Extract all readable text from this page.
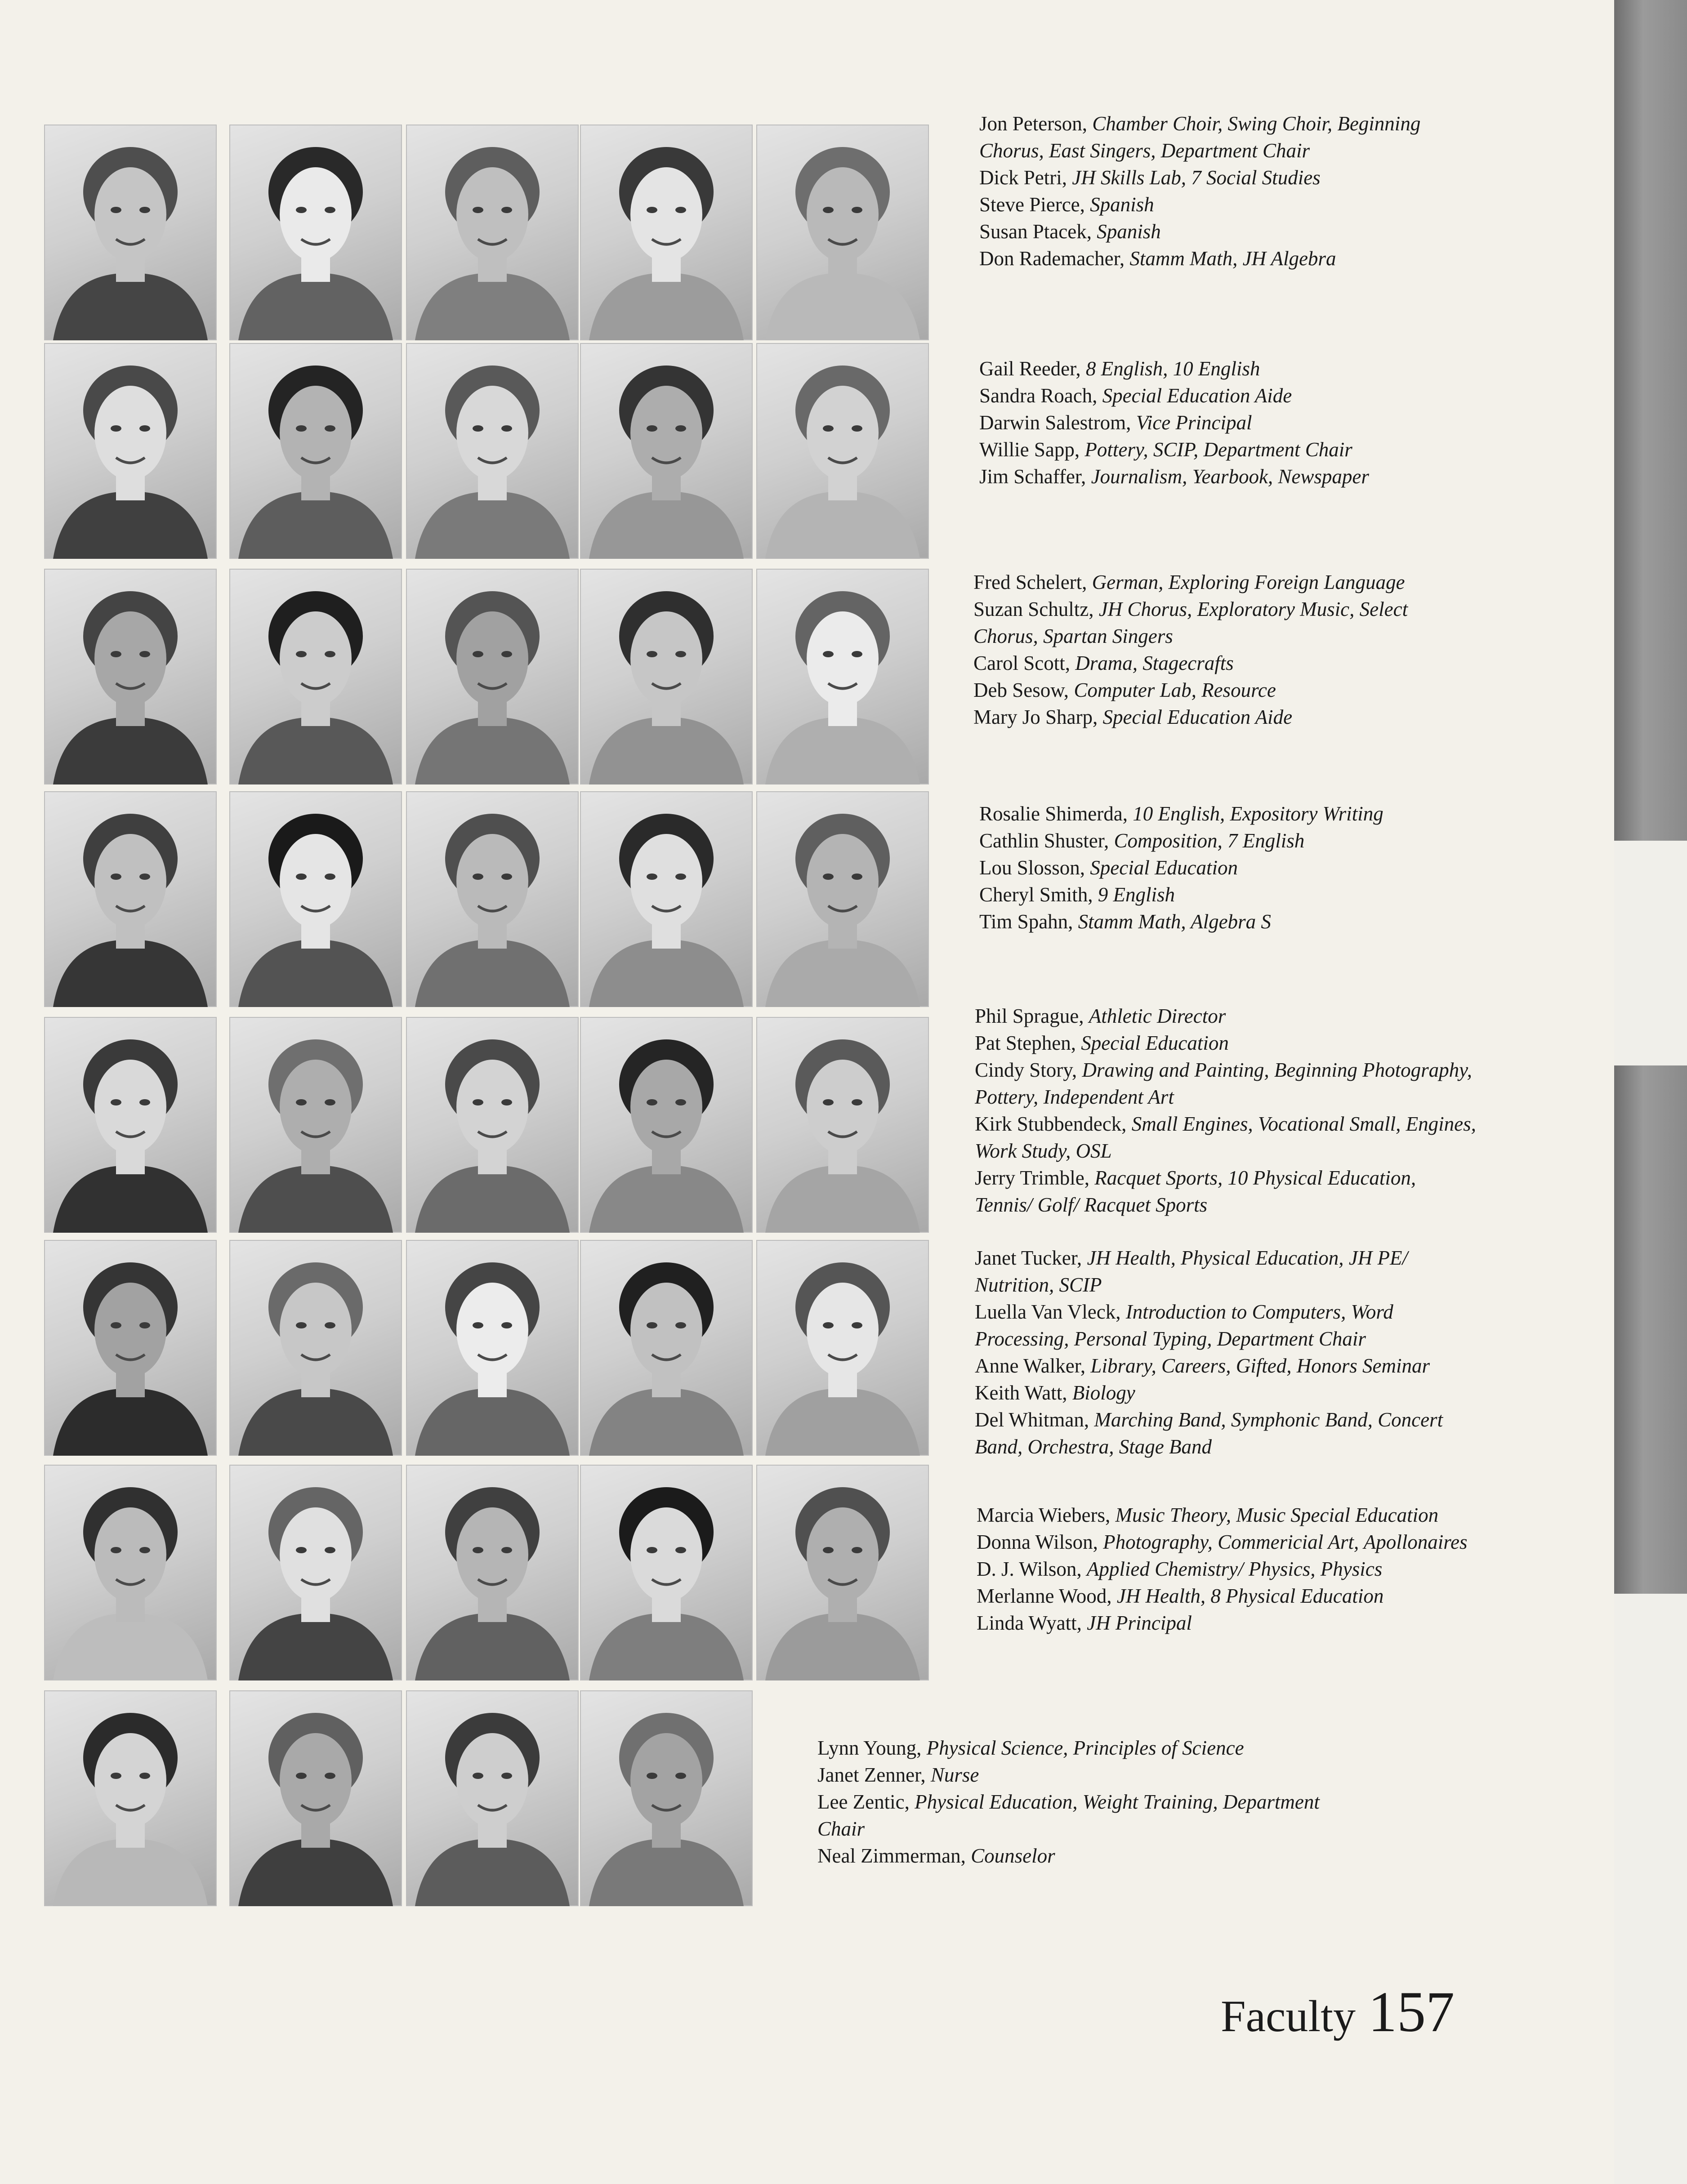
Jon Peterson, Chamber Choir, Swing Choir, Beginning Chorus, East Singers, Department Chair
Dick Petri, JH Skills Lab, 7 Social Studies
Steve Pierce, Spanish
Susan Ptacek, Spanish
Don Rademacher, Stamm Math, JH Algebra
Gail Reeder, 8 English, 10 English
Sandra Roach, Special Education Aide
Darwin Salestrom, Vice Principal
Willie Sapp, Pottery, SCIP, Department Chair
Jim Schaffer, Journalism, Yearbook, Newspaper
Fred Schelert, German, Exploring Foreign Language
Suzan Schultz, JH Chorus, Exploratory Music, Select Chorus, Spartan Singers
Carol Scott, Drama, Stagecrafts
Deb Sesow, Computer Lab, Resource
Mary Jo Sharp, Special Education Aide
Rosalie Shimerda, 10 English, Expository Writing
Cathlin Shuster, Composition, 7 English
Lou Slosson, Special Education
Cheryl Smith, 9 English
Tim Spahn, Stamm Math, Algebra S
Phil Sprague, Athletic Director
Pat Stephen, Special Education
Cindy Story, Drawing and Painting, Beginning Photography, Pottery, Independent Art
Kirk Stubbendeck, Small Engines, Vocational Small, Engines, Work Study, OSL
Jerry Trimble, Racquet Sports, 10 Physical Education, Tennis/ Golf/ Racquet Sports
Janet Tucker, JH Health, Physical Education, JH PE/ Nutrition, SCIP
Luella Van Vleck, Introduction to Computers, Word Processing, Personal Typing, Department Chair
Anne Walker, Library, Careers, Gifted, Honors Seminar
Keith Watt, Biology
Del Whitman, Marching Band, Symphonic Band, Concert Band, Orchestra, Stage Band
Marcia Wiebers, Music Theory, Music Special Education
Donna Wilson, Photography, Commericial Art, Apollonaires
D. J. Wilson, Applied Chemistry/ Physics, Physics
Merlanne Wood, JH Health, 8 Physical Education
Linda Wyatt, JH Principal
Lynn Young, Physical Science, Principles of Science
Janet Zenner, Nurse
Lee Zentic, Physical Education, Weight Training, Department Chair
Neal Zimmerman, Counselor
Faculty 157
